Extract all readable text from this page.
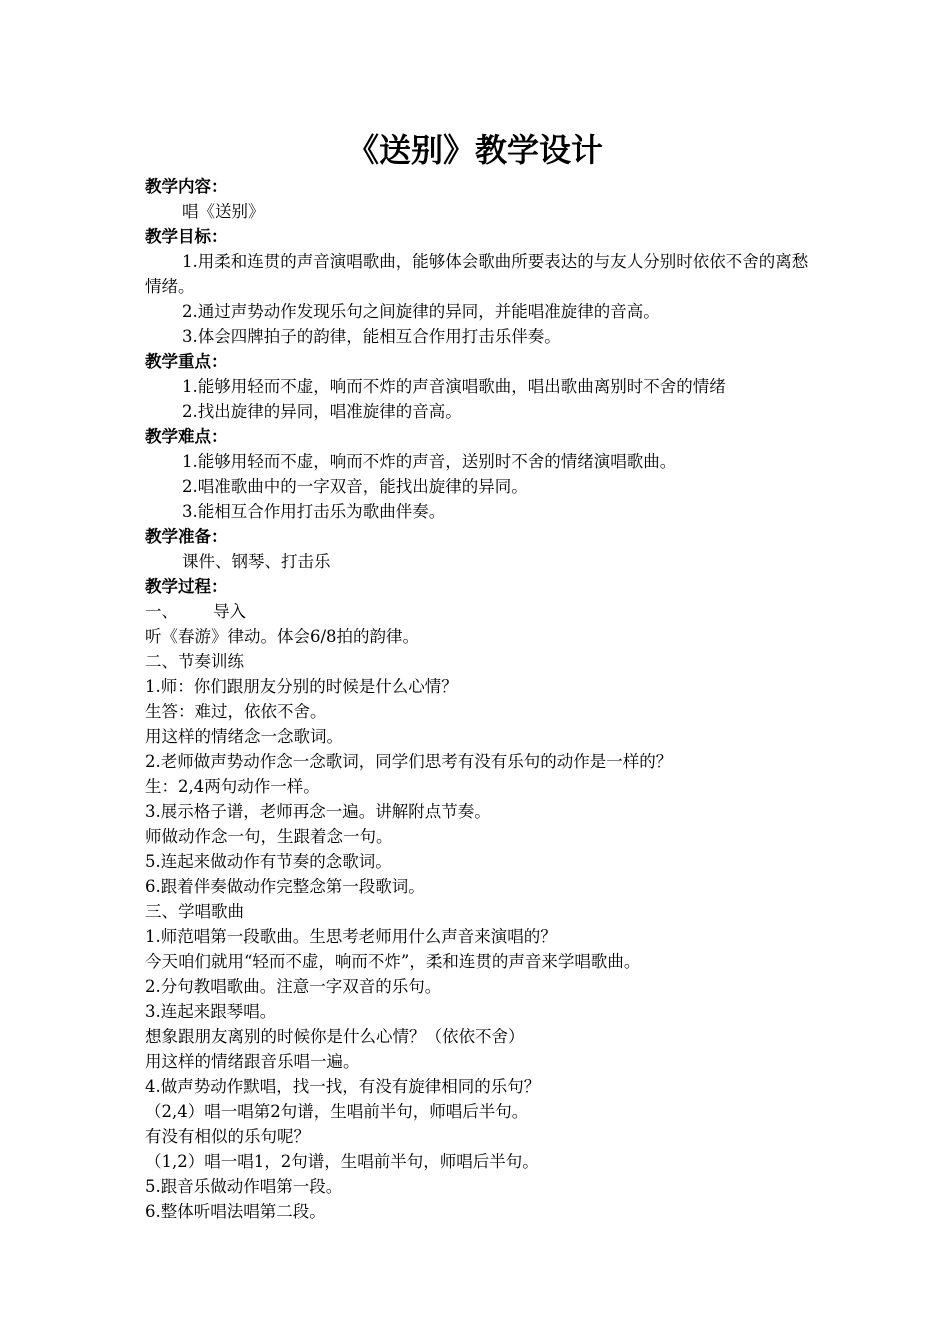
《送别》教学设计
教学内容：
唱《送别》
教学目标：
1.用柔和连贯的声音演唱歌曲，能够体会歌曲所要表达的与友人分别时依依不舍的离愁情绪。
2.通过声势动作发现乐句之间旋律的异同，并能唱准旋律的音高。
3.体会四牌拍子的韵律，能相互合作用打击乐伴奏。
教学重点：
1.能够用轻而不虚，响而不炸的声音演唱歌曲，唱出歌曲离别时不舍的情绪
2.找出旋律的异同，唱准旋律的音高。
教学难点：
1.能够用轻而不虚，响而不炸的声音，送别时不舍的情绪演唱歌曲。
2.唱准歌曲中的一字双音，能找出旋律的异同。
3.能相互合作用打击乐为歌曲伴奏。
教学准备：
课件、钢琴、打击乐
教学过程：
一、 导入
听《春游》律动。体会6/8拍的韵律。
二、节奏训练
1.师：你们跟朋友分别的时候是什么心情？
生答：难过，依依不舍。
用这样的情绪念一念歌词。
2.老师做声势动作念一念歌词，同学们思考有没有乐句的动作是一样的？
生：2,4两句动作一样。
3.展示格子谱，老师再念一遍。讲解附点节奏。
师做动作念一句，生跟着念一句。
5.连起来做动作有节奏的念歌词。
6.跟着伴奏做动作完整念第一段歌词。
三、学唱歌曲
1.师范唱第一段歌曲。生思考老师用什么声音来演唱的？
今天咱们就用“轻而不虚，响而不炸”，柔和连贯的声音来学唱歌曲。
2.分句教唱歌曲。注意一字双音的乐句。
3.连起来跟琴唱。
想象跟朋友离别的时候你是什么心情？（依依不舍）
用这样的情绪跟音乐唱一遍。
4.做声势动作默唱，找一找，有没有旋律相同的乐句？
（2,4）唱一唱第2句谱，生唱前半句，师唱后半句。
有没有相似的乐句呢？
（1,2）唱一唱1，2句谱，生唱前半句，师唱后半句。
5.跟音乐做动作唱第一段。
6.整体听唱法唱第二段。
